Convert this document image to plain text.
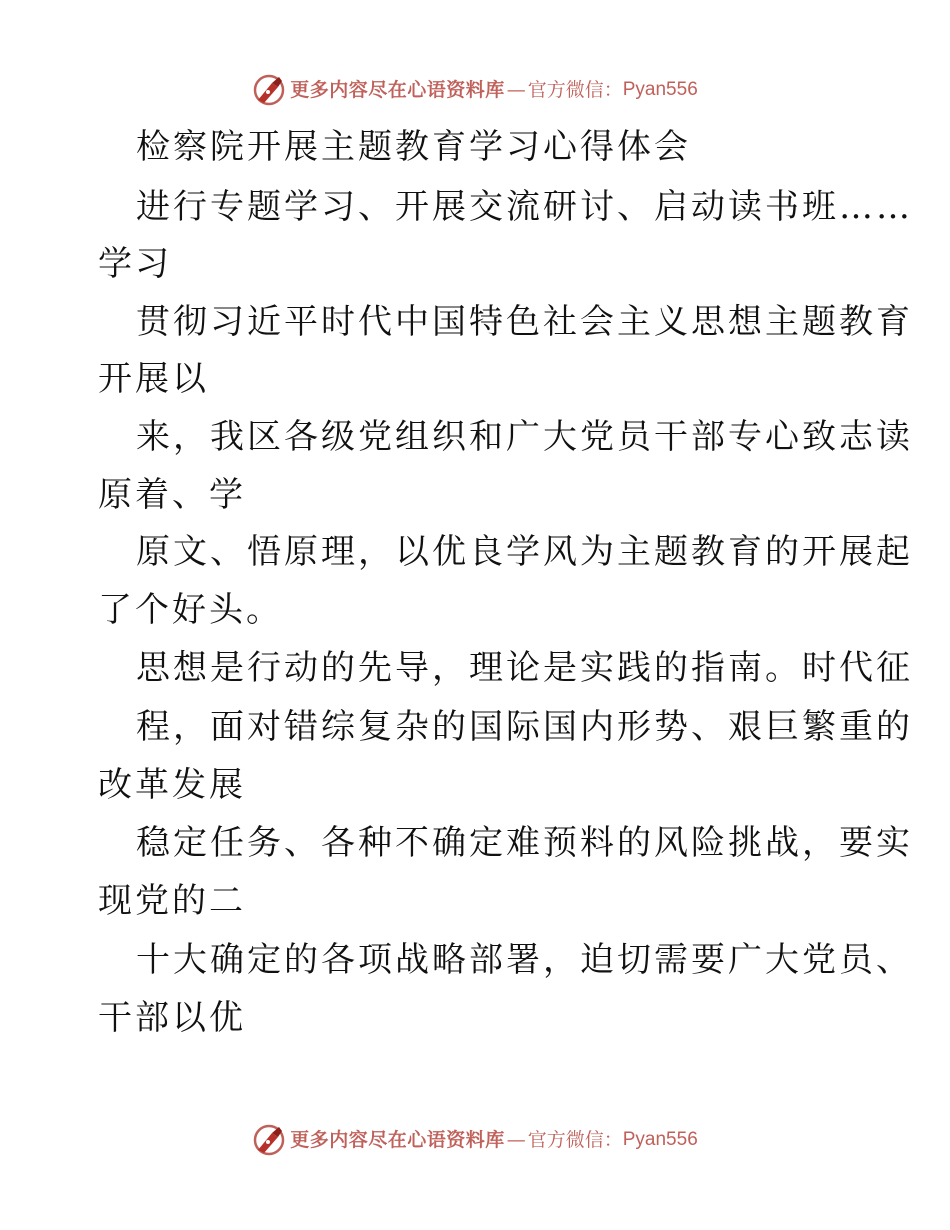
更多内容尽在心语资料库 — 官方微信： Pyan556
检察院开展主题教育学习心得体会
进行专题学习、开展交流研讨、启动读书班……
学习
贯彻习近平时代中国特色社会主义思想主题教育
开展以
来，我区各级党组织和广大党员干部专心致志读
原着、学
原文、悟原理，以优良学风为主题教育的开展起
了个好头。
思想是行动的先导，理论是实践的指南。时代征
程，面对错综复杂的国际国内形势、艰巨繁重的
改革发展
稳定任务、各种不确定难预料的风险挑战，要实
现党的二
十大确定的各项战略部署，迫切需要广大党员、
干部以优
更多内容尽在心语资料库 — 官方微信： Pyan556
